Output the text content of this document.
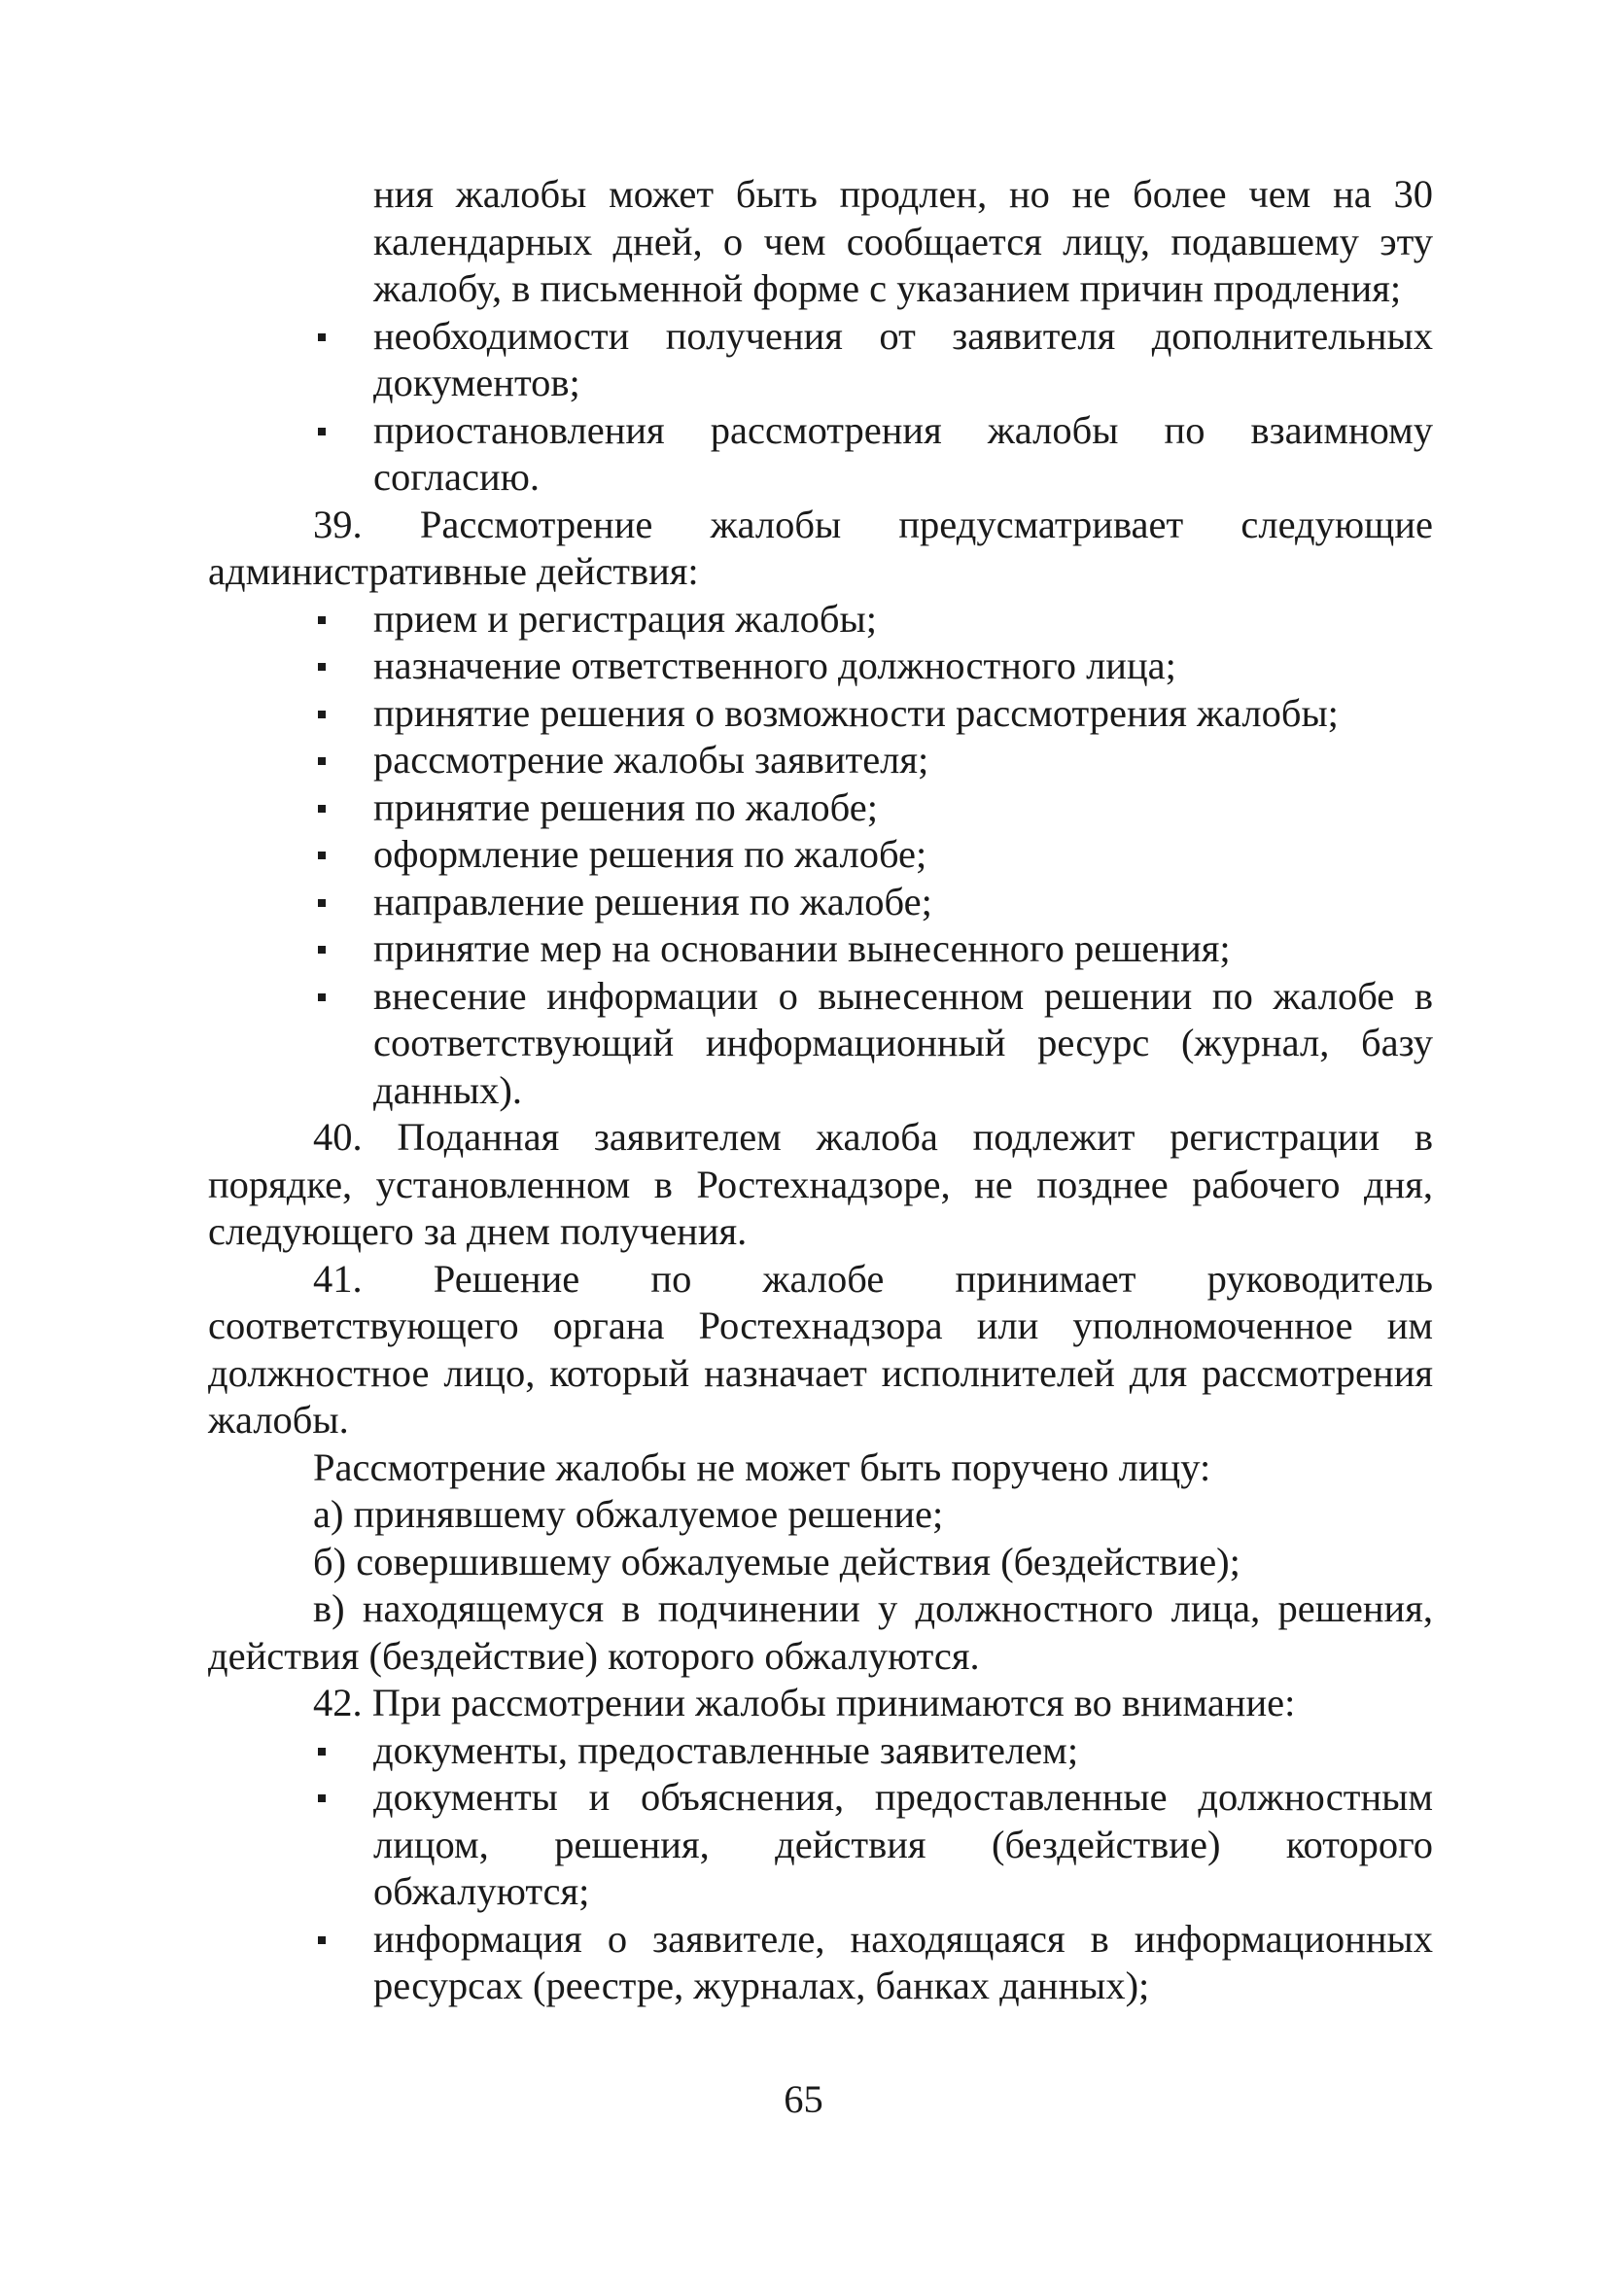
ния жалобы может быть продлен, но не более чем на 30 календарных дней, о чем сообщается лицу, подавшему эту жалобу, в письменной форме с указанием причин продления;

необходимости получения от заявителя дополнительных документов;

приостановления рассмотрения жалобы по взаимному согласию.

39. Рассмотрение жалобы предусматривает следующие административные действия:

прием и регистрация жалобы;

назначение ответственного должностного лица;

принятие решения о возможности рассмотрения жалобы;

рассмотрение жалобы заявителя;

принятие решения по жалобе;

оформление решения по жалобе;

направление решения по жалобе;

принятие мер на основании вынесенного решения;

внесение информации о вынесенном решении по жалобе в соответствующий информационный ресурс (журнал, базу данных).

40. Поданная заявителем жалоба подлежит регистрации в порядке, установленном в Ростехнадзоре, не позднее рабочего дня, следующего за днем получения.

41. Решение по жалобе принимает руководитель соответствующего органа Ростехнадзора или уполномоченное им должностное лицо, который назначает исполнителей для рассмотрения жалобы.

Рассмотрение жалобы не может быть поручено лицу:

а) принявшему обжалуемое решение;

б) совершившему обжалуемые действия (бездействие);

в) находящемуся в подчинении у должностного лица, решения, действия (бездействие) которого обжалуются.

42. При рассмотрении жалобы принимаются во внимание:

документы, предоставленные заявителем;

документы и объяснения, предоставленные должностным лицом, решения, действия (бездействие) которого обжалуются;

информация о заявителе, находящаяся в информационных ресурсах (реестре, журналах, банках данных);

65
